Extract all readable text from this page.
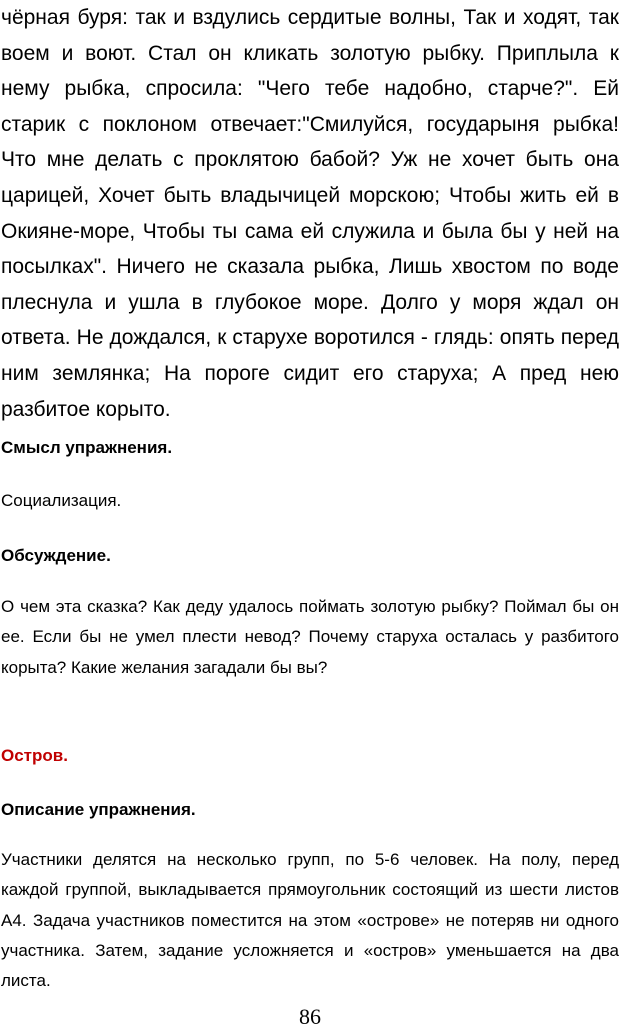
чёрная буря: так и вздулись сердитые волны, Так и ходят, так воем и воют. Стал он кликать золотую рыбку. Приплыла к нему рыбка, спросила: "Чего тебе надобно, старче?". Ей старик с поклоном отвечает:"Смилуйся, государыня рыбка! Что мне делать с проклятою бабой? Уж не хочет быть она царицей, Хочет быть владычицей морскою; Чтобы жить ей в Окияне-море, Чтобы ты сама ей служила и была бы у ней на посылках". Ничего не сказала рыбка, Лишь хвостом по воде плеснула и ушла в глубокое море. Долго у моря ждал он ответа. Не дождался, к старухе воротился - глядь: опять перед ним землянка; На пороге сидит его старуха; А пред нею разбитое корыто.

Смысл упражнения.

Социализация.

Обсуждение.

О чем эта сказка? Как деду удалось поймать золотую рыбку? Поймал бы он ее. Если бы не умел плести невод? Почему старуха осталась у разбитого корыта? Какие желания загадали бы вы?

Остров.

Описание упражнения.

Участники делятся на несколько групп, по 5-6 человек. На полу, перед каждой группой, выкладывается прямоугольник состоящий из шести листов А4. Задача участников поместится на этом «острове» не потеряв ни одного участника. Затем, задание усложняется и «остров» уменьшается на два листа.

86
